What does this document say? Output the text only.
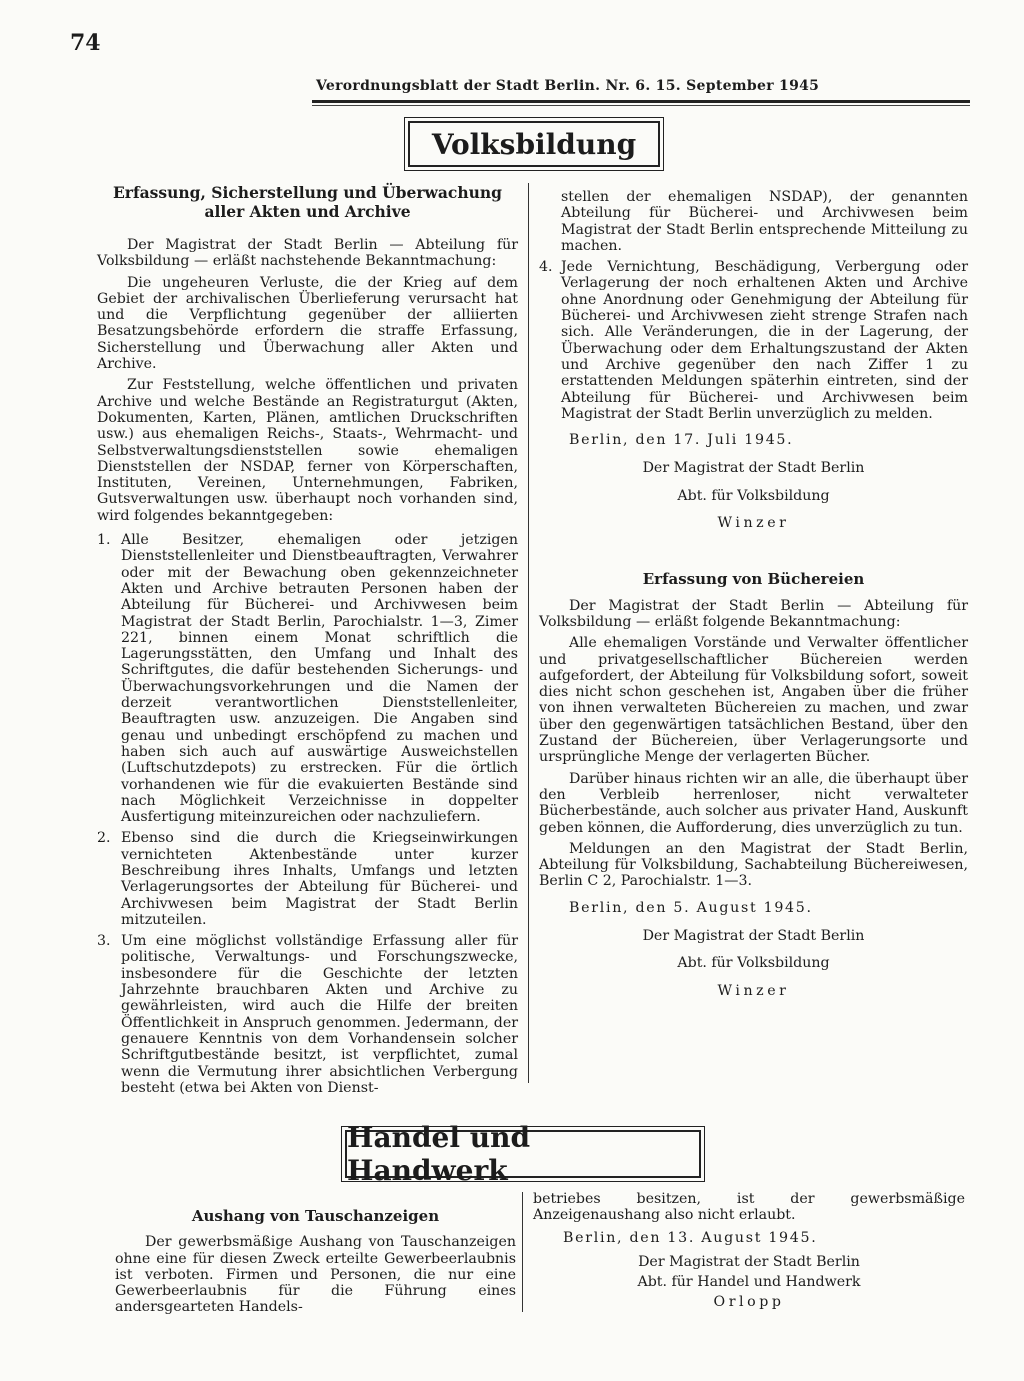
74
Verordnungsblatt der Stadt Berlin. Nr. 6. 15. September 1945
Volksbildung
Erfassung, Sicherstellung und Überwachung aller Akten und Archive

Der Magistrat der Stadt Berlin — Abteilung für Volksbildung — erläßt nachstehende Bekanntmachung:

Die ungeheuren Verluste, die der Krieg auf dem Gebiet der archivalischen Überlieferung verursacht hat und die Verpflichtung gegenüber der alliierten Besatzungsbehörde erfordern die straffe Erfassung, Sicherstellung und Überwachung aller Akten und Archive.

Zur Feststellung, welche öffentlichen und privaten Archive und welche Bestände an Registraturgut (Akten, Dokumenten, Karten, Plänen, amtlichen Druckschriften usw.) aus ehemaligen Reichs-, Staats-, Wehrmacht- und Selbstverwaltungsdienststellen sowie ehemaligen Dienststellen der NSDAP, ferner von Körperschaften, Instituten, Vereinen, Unternehmungen, Fabriken, Gutsverwaltungen usw. überhaupt noch vorhanden sind, wird folgendes bekanntgegeben:

1. Alle Besitzer, ehemaligen oder jetzigen Dienststellenleiter und Dienstbeauftragten, Verwahrer oder mit der Bewachung oben gekennzeichneter Akten und Archive betrauten Personen haben der Abteilung für Bücherei- und Archivwesen beim Magistrat der Stadt Berlin, Parochialstr. 1—3, Zimer 221, binnen einem Monat schriftlich die Lagerungsstätten, den Umfang und Inhalt des Schriftgutes, die dafür bestehenden Sicherungs- und Überwachungsvorkehrungen und die Namen der derzeit verantwortlichen Dienststellenleiter, Beauftragten usw. anzuzeigen. Die Angaben sind genau und unbedingt erschöpfend zu machen und haben sich auch auf auswärtige Ausweichstellen (Luftschutzdepots) zu erstrecken. Für die örtlich vorhandenen wie für die evakuierten Bestände sind nach Möglichkeit Verzeichnisse in doppelter Ausfertigung miteinzureichen oder nachzuliefern.
2. Ebenso sind die durch die Kriegseinwirkungen vernichteten Aktenbestände unter kurzer Beschreibung ihres Inhalts, Umfangs und letzten Verlagerungsortes der Abteilung für Bücherei- und Archivwesen beim Magistrat der Stadt Berlin mitzuteilen.
3. Um eine möglichst vollständige Erfassung aller für politische, Verwaltungs- und Forschungszwecke, insbesondere für die Geschichte der letzten Jahrzehnte brauchbaren Akten und Archive zu gewährleisten, wird auch die Hilfe der breiten Öffentlichkeit in Anspruch genommen. Jedermann, der genauere Kenntnis von dem Vorhandensein solcher Schriftgutbestände besitzt, ist verpflichtet, zumal wenn die Vermutung ihrer absichtlichen Verbergung besteht (etwa bei Akten von Dienst-
stellen der ehemaligen NSDAP), der genannten Abteilung für Bücherei- und Archivwesen beim Magistrat der Stadt Berlin entsprechende Mitteilung zu machen.
4. Jede Vernichtung, Beschädigung, Verbergung oder Verlagerung der noch erhaltenen Akten und Archive ohne Anordnung oder Genehmigung der Abteilung für Bücherei- und Archivwesen zieht strenge Strafen nach sich. Alle Veränderungen, die in der Lagerung, der Überwachung oder dem Erhaltungszustand der Akten und Archive gegenüber den nach Ziffer 1 zu erstattenden Meldungen späterhin eintreten, sind der Abteilung für Bücherei- und Archivwesen beim Magistrat der Stadt Berlin unverzüglich zu melden.
Berlin, den 17. Juli 1945.
Der Magistrat der Stadt Berlin
Abt. für Volksbildung
Winzer
Erfassung von Büchereien

Der Magistrat der Stadt Berlin — Abteilung für Volksbildung — erläßt folgende Bekanntmachung:

Alle ehemaligen Vorstände und Verwalter öffentlicher und privatgesellschaftlicher Büchereien werden aufgefordert, der Abteilung für Volksbildung sofort, soweit dies nicht schon geschehen ist, Angaben über die früher von ihnen verwalteten Büchereien zu machen, und zwar über den gegenwärtigen tatsächlichen Bestand, über den Zustand der Büchereien, über Verlagerungsorte und ursprüngliche Menge der verlagerten Bücher.

Darüber hinaus richten wir an alle, die überhaupt über den Verbleib herrenloser, nicht verwalteter Bücherbestände, auch solcher aus privater Hand, Auskunft geben können, die Aufforderung, dies unverzüglich zu tun.

Meldungen an den Magistrat der Stadt Berlin, Abteilung für Volksbildung, Sachabteilung Büchereiwesen, Berlin C 2, Parochialstr. 1—3.

Berlin, den 5. August 1945.
Der Magistrat der Stadt Berlin
Abt. für Volksbildung
Winzer
Handel und Handwerk
Aushang von Tauschanzeigen

Der gewerbsmäßige Aushang von Tauschanzeigen ohne eine für diesen Zweck erteilte Gewerbeerlaubnis ist verboten. Firmen und Personen, die nur eine Gewerbeerlaubnis für die Führung eines andersgearteten Handels-

betriebes besitzen, ist der gewerbsmäßige Anzeigenaushang also nicht erlaubt.

Berlin, den 13. August 1945.
Der Magistrat der Stadt Berlin
Abt. für Handel und Handwerk
Orlopp
